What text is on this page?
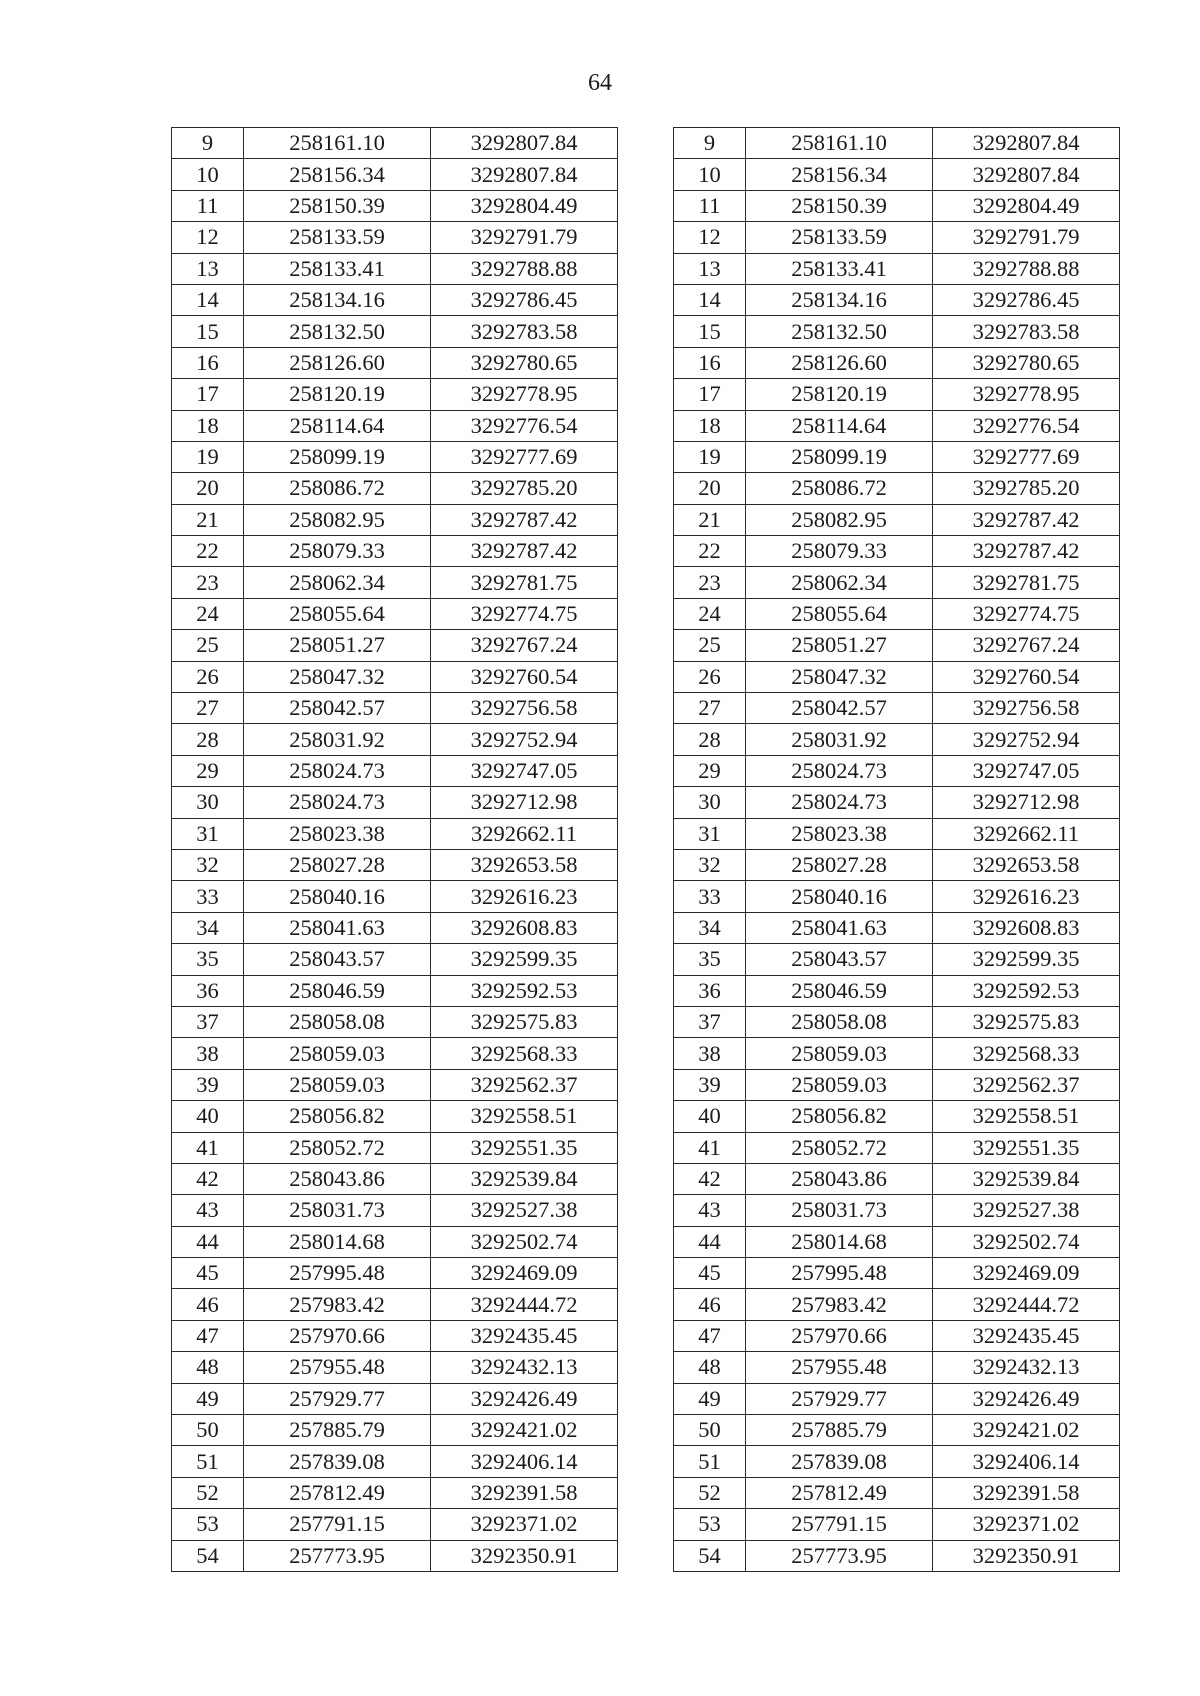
64
9	258161.10	3292807.84		9	258161.10	3292807.84
10	258156.34	3292807.84		10	258156.34	3292807.84
11	258150.39	3292804.49		11	258150.39	3292804.49
12	258133.59	3292791.79		12	258133.59	3292791.79
13	258133.41	3292788.88		13	258133.41	3292788.88
14	258134.16	3292786.45		14	258134.16	3292786.45
15	258132.50	3292783.58		15	258132.50	3292783.58
16	258126.60	3292780.65		16	258126.60	3292780.65
17	258120.19	3292778.95		17	258120.19	3292778.95
18	258114.64	3292776.54		18	258114.64	3292776.54
19	258099.19	3292777.69		19	258099.19	3292777.69
20	258086.72	3292785.20		20	258086.72	3292785.20
21	258082.95	3292787.42		21	258082.95	3292787.42
22	258079.33	3292787.42		22	258079.33	3292787.42
23	258062.34	3292781.75		23	258062.34	3292781.75
24	258055.64	3292774.75		24	258055.64	3292774.75
25	258051.27	3292767.24		25	258051.27	3292767.24
26	258047.32	3292760.54		26	258047.32	3292760.54
27	258042.57	3292756.58		27	258042.57	3292756.58
28	258031.92	3292752.94		28	258031.92	3292752.94
29	258024.73	3292747.05		29	258024.73	3292747.05
30	258024.73	3292712.98		30	258024.73	3292712.98
31	258023.38	3292662.11		31	258023.38	3292662.11
32	258027.28	3292653.58		32	258027.28	3292653.58
33	258040.16	3292616.23		33	258040.16	3292616.23
34	258041.63	3292608.83		34	258041.63	3292608.83
35	258043.57	3292599.35		35	258043.57	3292599.35
36	258046.59	3292592.53		36	258046.59	3292592.53
37	258058.08	3292575.83		37	258058.08	3292575.83
38	258059.03	3292568.33		38	258059.03	3292568.33
39	258059.03	3292562.37		39	258059.03	3292562.37
40	258056.82	3292558.51		40	258056.82	3292558.51
41	258052.72	3292551.35		41	258052.72	3292551.35
42	258043.86	3292539.84		42	258043.86	3292539.84
43	258031.73	3292527.38		43	258031.73	3292527.38
44	258014.68	3292502.74		44	258014.68	3292502.74
45	257995.48	3292469.09		45	257995.48	3292469.09
46	257983.42	3292444.72		46	257983.42	3292444.72
47	257970.66	3292435.45		47	257970.66	3292435.45
48	257955.48	3292432.13		48	257955.48	3292432.13
49	257929.77	3292426.49		49	257929.77	3292426.49
50	257885.79	3292421.02		50	257885.79	3292421.02
51	257839.08	3292406.14		51	257839.08	3292406.14
52	257812.49	3292391.58		52	257812.49	3292391.58
53	257791.15	3292371.02		53	257791.15	3292371.02
54	257773.95	3292350.91		54	257773.95	3292350.91
